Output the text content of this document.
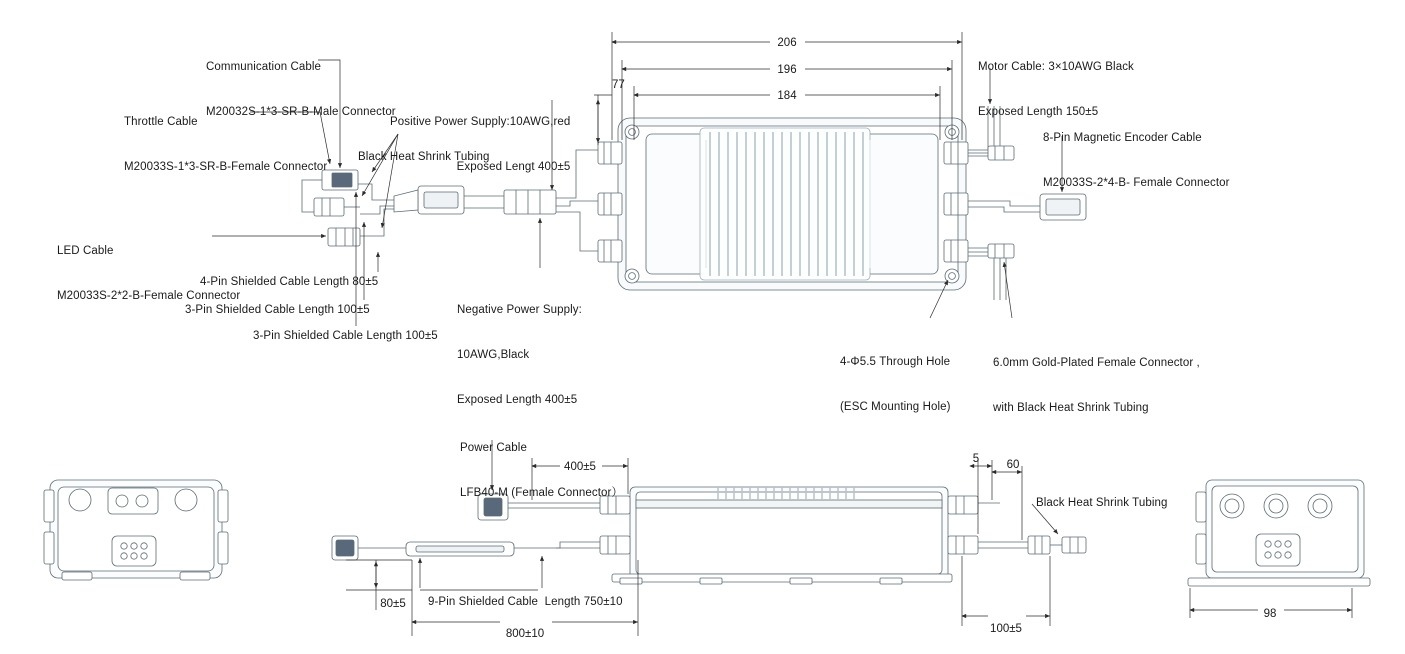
Communication Cable

M20032S-1*3-SR-B-Male Connector

Throttle Cable

M20033S-1*3-SR-B-Female Connector

Positive Power Supply:10AWG,red

Exposed Lengt 400±5

Black Heat Shrink Tubing

LED Cable

M20033S-2*2-B-Female Connector

4-Pin Shielded Cable Length 80±5
3-Pin Shielded Cable Length 100±5
3-Pin Shielded Cable Length 100±5

Negative Power Supply:

10AWG,Black

Exposed Length 400±5

Motor Cable: 3×10AWG Black

Exposed Length 150±5

8-Pin Magnetic Encoder Cable

M20033S-2*4-B- Female Connector

4-Φ5.5 Through Hole

(ESC Mounting Hole)

6.0mm Gold-Plated Female Connector ,

with Black Heat Shrink Tubing

206
196
184
77

Power Cable

LFB40-M (Female Connector）

Black Heat Shrink Tubing
9-Pin Shielded Cable  Length 750±10
400±5
5 60
80±5
800±10	100±5
98
